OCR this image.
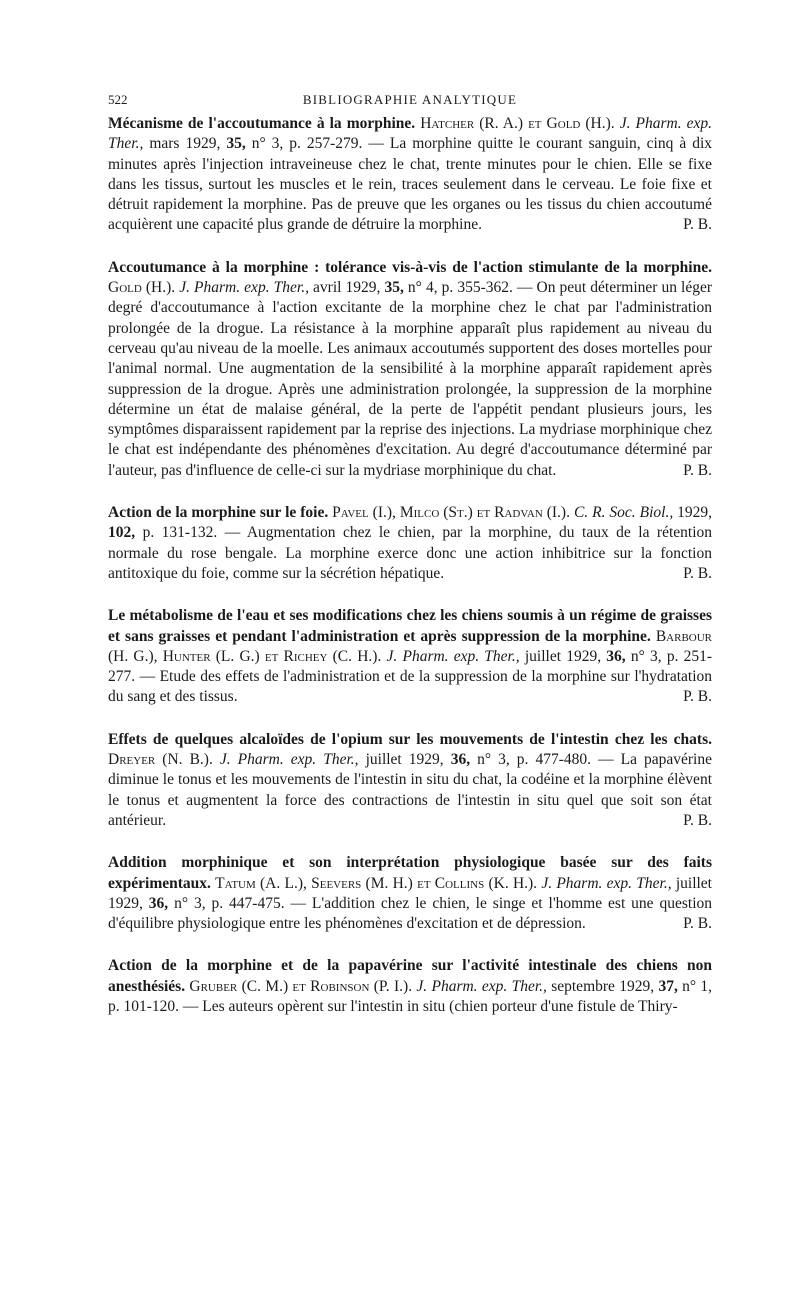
522	BIBLIOGRAPHIE ANALYTIQUE
Mécanisme de l'accoutumance à la morphine. Hatcher (R. A.) et Gold (H.). J. Pharm. exp. Ther., mars 1929, 35, n° 3, p. 257-279. — La morphine quitte le courant sanguin, cinq à dix minutes après l'injection intraveineuse chez le chat, trente minutes pour le chien. Elle se fixe dans les tissus, surtout les muscles et le rein, traces seulement dans le cerveau. Le foie fixe et détruit rapidement la morphine. Pas de preuve que les organes ou les tissus du chien accoutumé acquièrent une capacité plus grande de détruire la morphine.	P. B.
Accoutumance à la morphine : tolérance vis-à-vis de l'action stimulante de la morphine. Gold (H.). J. Pharm. exp. Ther., avril 1929, 35, n° 4, p. 355-362. — On peut déterminer un léger degré d'accoutumance à l'action excitante de la morphine chez le chat par l'administration prolongée de la drogue. La résistance à la morphine apparaît plus rapidement au niveau du cerveau qu'au niveau de la moelle. Les animaux accoutumés supportent des doses mortelles pour l'animal normal. Une augmentation de la sensibilité à la morphine apparaît rapidement après suppression de la drogue. Après une administration prolongée, la suppression de la morphine détermine un état de malaise général, de la perte de l'appétit pendant plusieurs jours, les symptômes disparaissent rapidement par la reprise des injections. La mydriase morphinique chez le chat est indépendante des phénomènes d'excitation. Au degré d'accoutumance déterminé par l'auteur, pas d'influence de celle-ci sur la mydriase morphinique du chat.	P. B.
Action de la morphine sur le foie. Pavel (I.), Milco (St.) et Radvan (I.). C. R. Soc. Biol., 1929, 102, p. 131-132. — Augmentation chez le chien, par la morphine, du taux de la rétention normale du rose bengale. La morphine exerce donc une action inhibitrice sur la fonction antitoxique du foie, comme sur la sécrétion hépatique.	P. B.
Le métabolisme de l'eau et ses modifications chez les chiens soumis à un régime de graisses et sans graisses et pendant l'administration et après suppression de la morphine. Barbour (H. G.), Hunter (L. G.) et Richey (C. H.). J. Pharm. exp. Ther., juillet 1929, 36, n° 3, p. 251-277. — Etude des effets de l'administration et de la suppression de la morphine sur l'hydratation du sang et des tissus.	P. B.
Effets de quelques alcaloïdes de l'opium sur les mouvements de l'intestin chez les chats. Dreyer (N. B.). J. Pharm. exp. Ther., juillet 1929, 36, n° 3, p. 477-480. — La papavérine diminue le tonus et les mouvements de l'intestin in situ du chat, la codéine et la morphine élèvent le tonus et augmentent la force des contractions de l'intestin in situ quel que soit son état antérieur.	P. B.
Addition morphinique et son interprétation physiologique basée sur des faits expérimentaux. Tatum (A. L.), Seevers (M. H.) et Collins (K. H.). J. Pharm. exp. Ther., juillet 1929, 36, n° 3, p. 447-475. — L'addition chez le chien, le singe et l'homme est une question d'équilibre physiologique entre les phénomènes d'excitation et de dépression.	P. B.
Action de la morphine et de la papavérine sur l'activité intestinale des chiens non anesthésiés. Gruber (C. M.) et Robinson (P. I.). J. Pharm. exp. Ther., septembre 1929, 37, n° 1, p. 101-120. — Les auteurs opèrent sur l'intestin in situ (chien porteur d'une fistule de Thiry-
